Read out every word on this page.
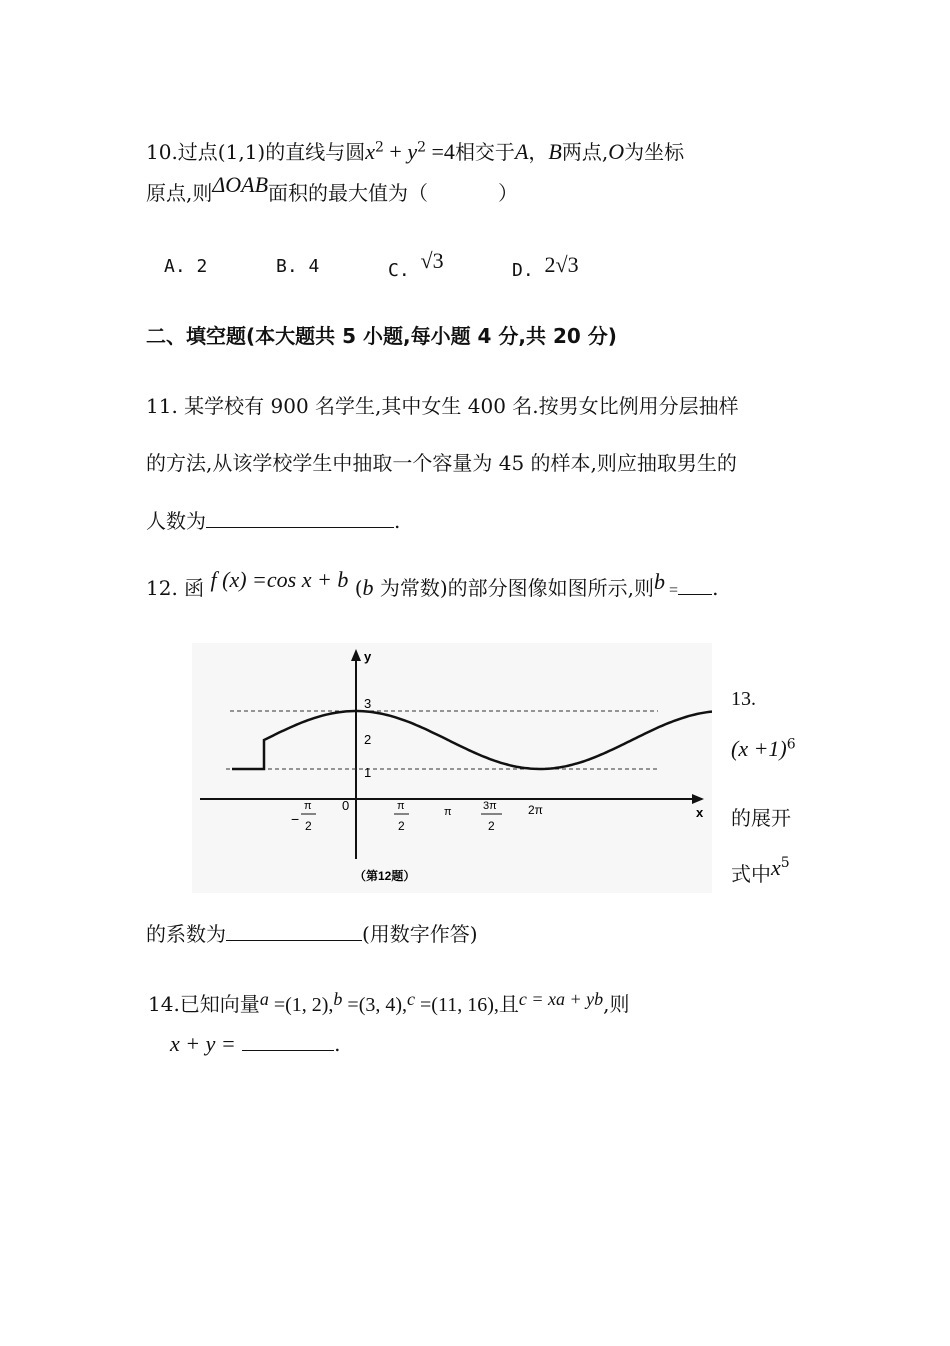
10.过点(1,1)的直线与圆$x^2 + y^2 =4$相交于A，B两点,O为坐标
原点,则ΔOAB面积的最大值为（	）
A. 2	B. 4	C. √3	D. 2√3
二、填空题(本大题共 5 小题,每小题 4 分,共 20 分)
11. 某学校有 900 名学生,其中女生 400 名.按男女比例用分层抽样
的方法,从该学校学生中抽取一个容量为 45 的样本,则应抽取男生的
人数为	.
12. 函 f (x) =cos x + b (b 为常数)的部分图像如图所示,则b = .
y
x
3
2
1
0
−
π
2
π
2
π	3π
2
2π
（第12题）
13.
$(x +1)^6$
的展开
式中$x^5$
的系数为	(用数字作答)
14.已知向量a =(1, 2),b =(3, 4),c =(11, 16),且c = xa + yb,则
x + y =	.
